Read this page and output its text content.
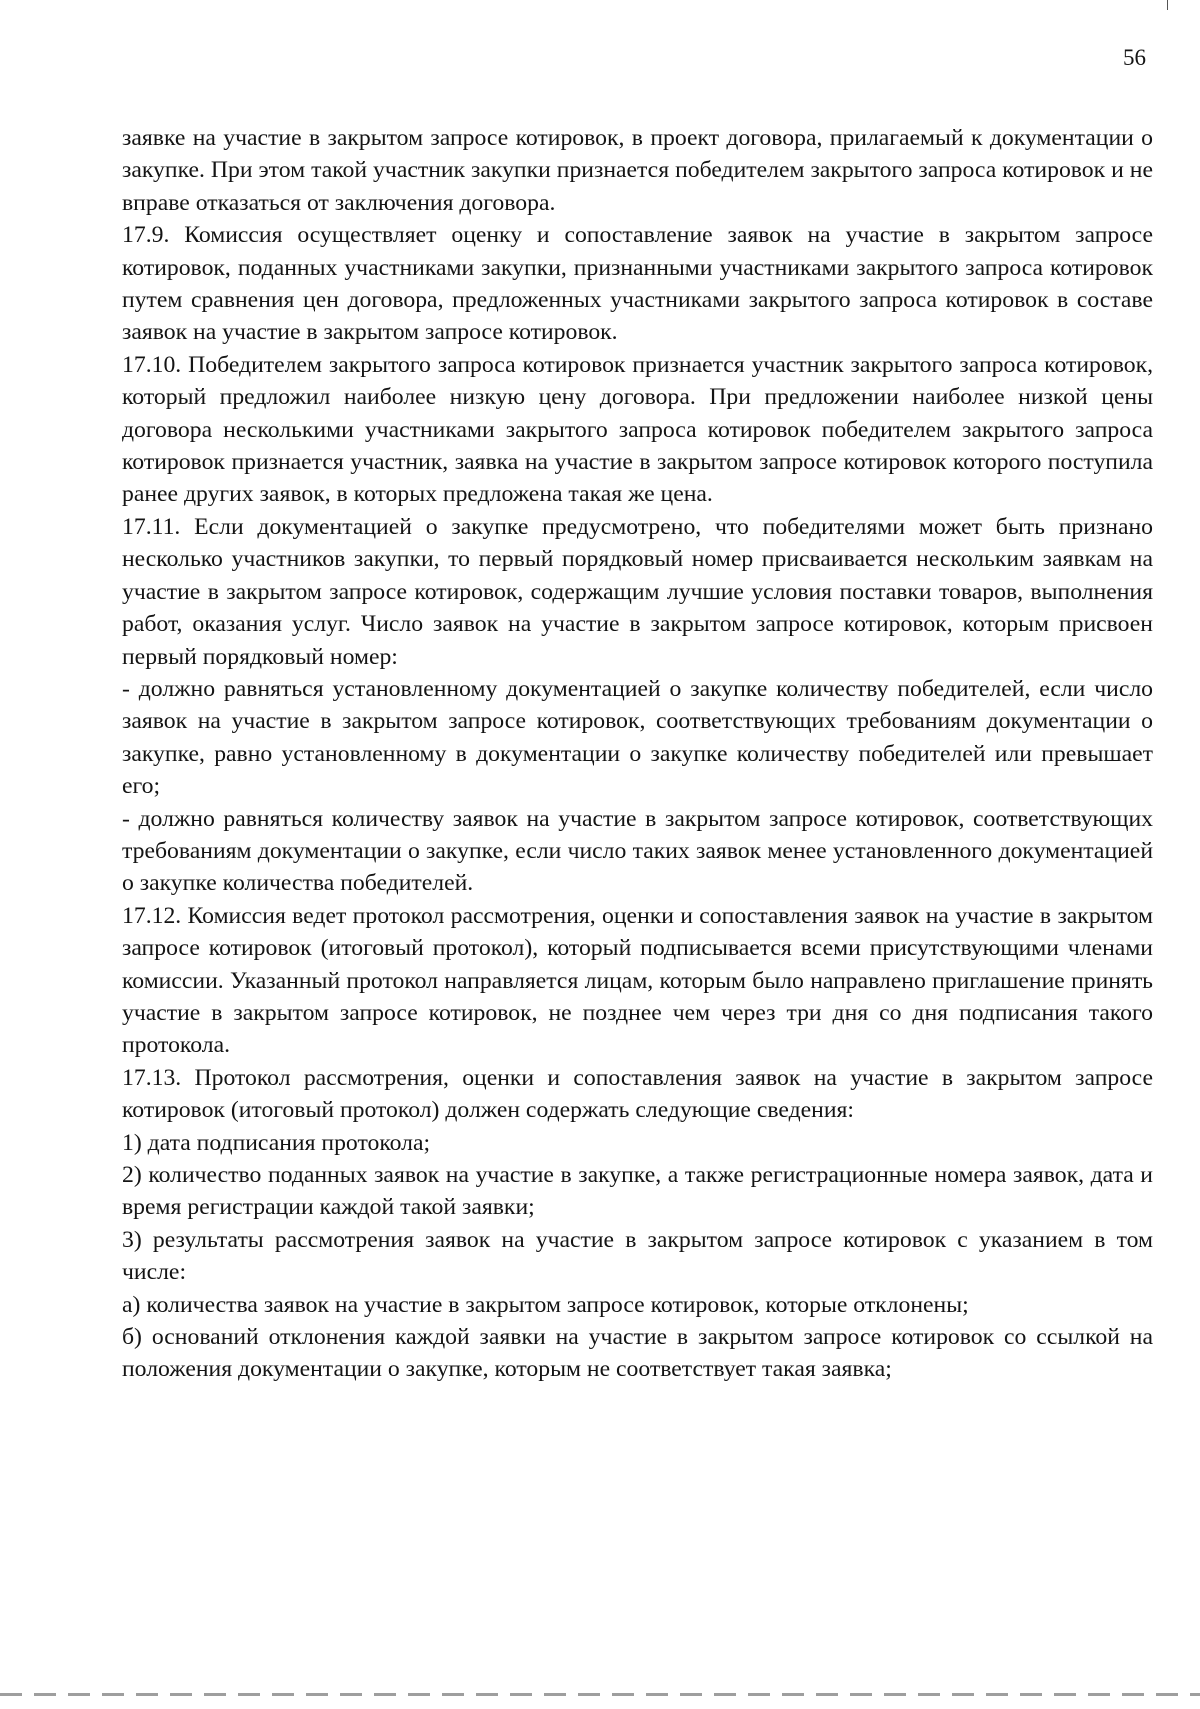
56

заявке на участие в закрытом запросе котировок, в проект договора, прилагаемый к документации о закупке. При этом такой участник закупки признается победителем закрытого запроса котировок и не вправе отказаться от заключения договора.

17.9. Комиссия осуществляет оценку и сопоставление заявок на участие в закрытом запросе котировок, поданных участниками закупки, признанными участниками закрытого запроса котировок путем сравнения цен договора, предложенных участниками закрытого запроса котировок в составе заявок на участие в закрытом запросе котировок.

17.10. Победителем закрытого запроса котировок признается участник закрытого запроса котировок, который предложил наиболее низкую цену договора. При предложении наиболее низкой цены договора несколькими участниками закрытого запроса котировок победителем закрытого запроса котировок признается участник, заявка на участие в закрытом запросе котировок которого поступила ранее других заявок, в которых предложена такая же цена.

17.11. Если документацией о закупке предусмотрено, что победителями может быть признано несколько участников закупки, то первый порядковый номер присваивается нескольким заявкам на участие в закрытом запросе котировок, содержащим лучшие условия поставки товаров, выполнения работ, оказания услуг. Число заявок на участие в закрытом запросе котировок, которым присвоен первый порядковый номер:

- должно равняться установленному документацией о закупке количеству победителей, если число заявок на участие в закрытом запросе котировок, соответствующих требованиям документации о закупке, равно установленному в документации о закупке количеству победителей или превышает его;

- должно равняться количеству заявок на участие в закрытом запросе котировок, соответствующих требованиям документации о закупке, если число таких заявок менее установленного документацией о закупке количества победителей.

17.12. Комиссия ведет протокол рассмотрения, оценки и сопоставления заявок на участие в закрытом запросе котировок (итоговый протокол), который подписывается всеми присутствующими членами комиссии. Указанный протокол направляется лицам, которым было направлено приглашение принять участие в закрытом запросе котировок, не позднее чем через три дня со дня подписания такого протокола.

17.13. Протокол рассмотрения, оценки и сопоставления заявок на участие в закрытом запросе котировок (итоговый протокол) должен содержать следующие сведения:

1) дата подписания протокола;

2) количество поданных заявок на участие в закупке, а также регистрационные номера заявок, дата и время регистрации каждой такой заявки;

3) результаты рассмотрения заявок на участие в закрытом запросе котировок с указанием в том числе:

а) количества заявок на участие в закрытом запросе котировок, которые отклонены;

б) оснований отклонения каждой заявки на участие в закрытом запросе котировок со ссылкой на положения документации о закупке, которым не соответствует такая заявка;
